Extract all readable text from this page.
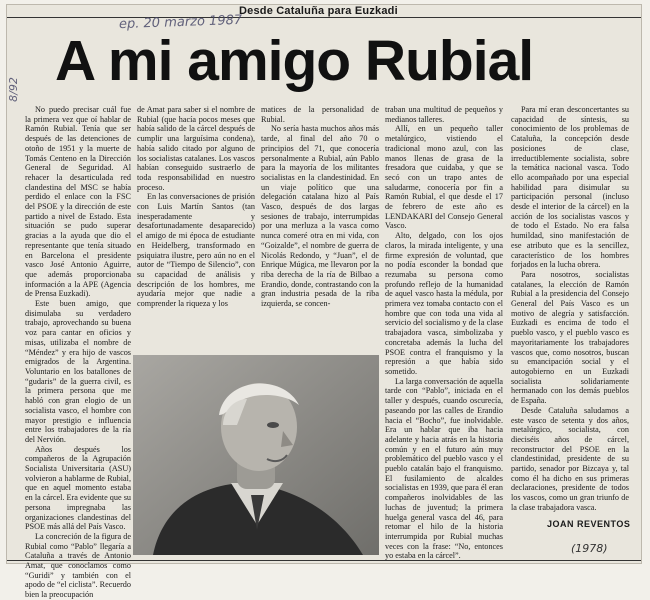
Desde Cataluña para Euzkadi
ep. 20 marzo 1987
8/92 A mi amigo Rubial

No puedo precisar cuál fue la primera vez que oí hablar de Ramón Rubial. Tenía que ser después de las detenciones de otoño de 1951 y la muerte de Tomás Centeno en la Dirección General de Seguridad. Al rehacer la desarticulada red clandestina del MSC se había perdido el enlace con la FSC del PSOE y la dirección de este partido a nivel de Estado. Esta situación se pudo superar gracias a la ayuda que dio el representante que tenía situado en Barcelona el presidente vasco José Antonio Aguirre, que además proporcionaba información a la APE (Agencia de Prensa Euzkadi).

Este buen amigo, que disimulaba su verdadero trabajo, aprovechando su buena voz para cantar en oficios y misas, utilizaba el nombre de “Méndez” y era hijo de vascos emigrados de la Argentina. Voluntario en los batallones de “gudaris” de la guerra civil, es la primera persona que me habló con gran elogio de un socialista vasco, el hombre con mayor prestigio e influencia entre los trabajadores de la ría del Nervión.

Años después los compañeros de la Agrupación Socialista Universitaria (ASU) volvieron a hablarme de Rubial, que en aquel momento estaba en la cárcel. Era evidente que su persona impregnaba las organizaciones clandestinas del PSOE más allá del País Vasco.

La concreción de la figura de Rubial como “Pablo” llegaría a Cataluña a través de Antonio Amat, que conoclamos como “Guridi” y también con el apodo de “el ciclista”. Recuerdo bien la preocupación

de Amat para saber si el nombre de Rubial (que hacía pocos meses que había salido de la cárcel después de cumplir una larguísima condena), había salido citado por alguno de los socialistas catalanes. Los vascos habían conseguido sustraerlo de toda responsabilidad en nuestro proceso.

En las conversaciones de prisión con Luis Martín Santos (tan inesperadamente y desafortunadamente desaparecido) el amigo de mi época de estudiante en Heidelberg, transformado en psiquiatra ilustre, pero aún no en el autor de “Tiempo de Silencio”, con su capacidad de análisis y descripción de los hombres, me ayudaría mejor que nadie a comprender la riqueza y los

matices de la personalidad de Rubial.

No sería hasta muchos años más tarde, al final del año 70 o principios del 71, que conocería personalmente a Rubial, aún Pablo para la mayoría de los militantes socialistas en la clandestinidad. En un viaje político que una delegación catalana hizo al País Vasco, después de dos largas sesiones de trabajo, interrumpidas por una merluza a la vasca como nunca comeré otra en mi vida, con “Goizalde”, el nombre de guerra de Nicolás Redondo, y “Juan”, el de Enrique Múgica, me llevaron por la riba derecha de la ría de Bilbao a Erandio, donde, contrastando con la gran industria pesada de la riba izquierda, se concen-

traban una multitud de pequeños y medianos talleres.

Allí, en un pequeño taller metalúrgico, vistiendo el tradicional mono azul, con las manos llenas de grasa de la fresadora que cuidaba, y que se secó con un trapo antes de saludarme, conocería por fin a Ramón Rubial, el que desde el 17 de febrero de este año es LENDAKARI del Consejo General Vasco.

Alto, delgado, con los ojos claros, la mirada inteligente, y una firme expresión de voluntad, que no podía esconder la bondad que rezumaba su persona como profundo reflejo de la humanidad de aquel vasco hasta la médula, por primera vez tomaba contacto con el hombre que con toda una vida al servicio del socialismo y de la clase trabajadora vasca, simbolizaba y concretaba además la lucha del PSOE contra el franquismo y la represión a que había sido sometido.

La larga conversación de aquella tarde con “Pablo”, iniciada en el taller y después, cuando oscurecía, paseando por las calles de Erandio hacia el “Bocho”, fue inolvidable. Era un hablar que iba hacia adelante y hacia atrás en la historia común y en el futuro aún muy problemático del pueblo vasco y el pueblo catalán bajo el franquismo. El fusilamiento de alcaldes socialistas en 1939, que para él eran compañeros inolvidables de las luchas de juventud; la primera huelga general vasca del 46, para retomar el hilo de la historia interrumpida por Rubial muchas veces con la frase: “No, entonces yo estaba en la cárcel”.

Para mí eran desconcertantes su capacidad de síntesis, su conocimiento de los problemas de Cataluña, la concepción desde posiciones de clase, irreductiblemente socialista, sobre la temática nacional vasca. Todo ello acompañado por una especial habilidad para disimular su participación personal (incluso desde el interior de la cárcel) en la acción de los socialistas vascos y de todo el Estado. No era falsa humildad, sino manifestación de ese atributo que es la sencillez, característico de los hombres forjados en la lucha obrera.

Para nosotros, socialistas catalanes, la elección de Ramón Rubial a la presidencia del Consejo General del País Vasco es un motivo de alegría y satisfacción. Euzkadi es encima de todo el pueblo vasco, y el pueblo vasco es mayoritariamente los trabajadores vascos que, como nosotros, buscan su emancipación social y el autogobierno en un Euzkadi socialista solidariamente hermanado con los demás pueblos de España.

Desde Cataluña saludamos a este vasco de setenta y dos años, metalúrgico, socialista, con dieciséis años de cárcel, reconstructor del PSOE en la clandestinidad, presidente de su partido, senador por Bizcaya y, tal como él ha dicho en sus primeras declaraciones, presidente de todos los vascos, como un gran triunfo de la clase trabajadora vasca.

JOAN REVENTOS
(1978)
